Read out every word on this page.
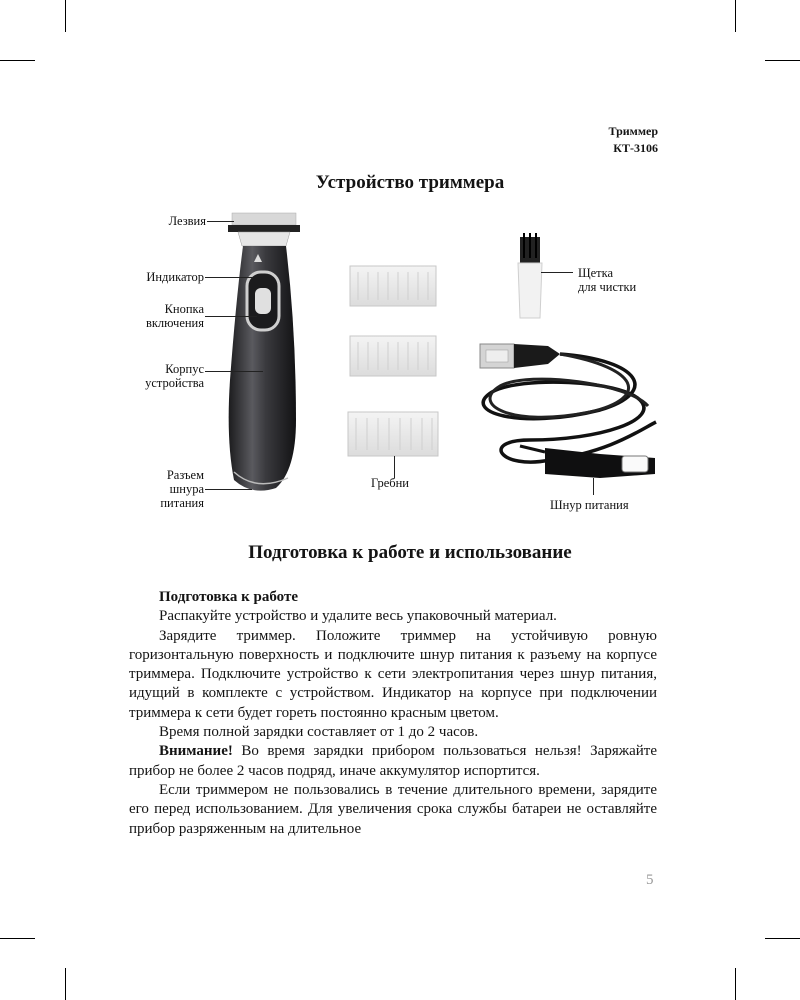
Триммер
КТ-3106
Устройство триммера
Лезвия
Индикатор
Кнопка
включения
Корпус
устройства
Разъем
шнура
питания
Гребни
Щетка
для чистки
Шнур питания
Подготовка к работе и использование

Подготовка к работе

Распакуйте устройство и удалите весь упаковочный материал.

Зарядите триммер. Положите триммер на устойчивую ровную горизонтальную поверхность и подключите шнур питания к разъему на корпусе триммера. Подключите устройство к сети электропитания через шнур питания, идущий в комплекте с устройством. Индикатор на корпусе при подключении триммера к сети будет гореть постоянно красным цветом.

Время полной зарядки составляет от 1 до 2 часов.

Внимание! Во время зарядки прибором пользоваться нельзя! Заряжайте прибор не более 2 часов подряд, иначе аккумулятор испортится.

Если триммером не пользовались в течение длительного времени, зарядите его перед использованием. Для увеличения срока службы батареи не оставляйте прибор разряженным на длительное

5
